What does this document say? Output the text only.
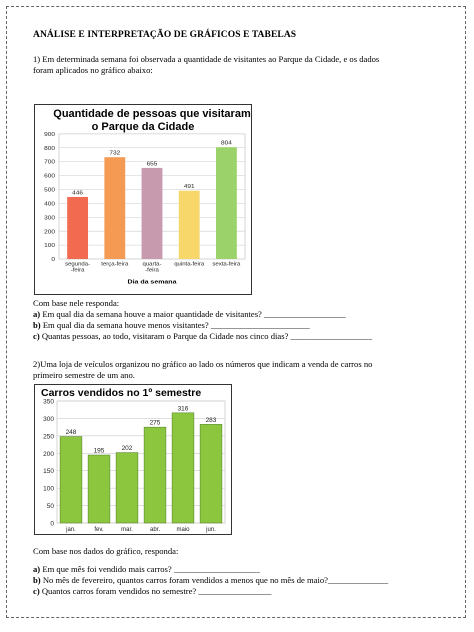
ANÁLISE E INTERPRETAÇÃO DE GRÁFICOS E TABELAS
1) Em determinada semana foi observada a quantidade de visitantes ao Parque da Cidade, e os dados
foram aplicados no gráfico abaixo:
0
100
200
300
400
500
600
700
800
900
446
segunda-
-feira
732
terça-feira
655
quarta-
-feira
491
quinta-feira
804
sexta-feira
Dia da semana
Quantidade de pessoas que visitaram
o Parque da Cidade
Com base nele responda:
a) Em qual dia da semana houve a maior quantidade de visitantes? ___________________
b) Em qual dia da semana houve menos visitantes? _______________________
c) Quantas pessoas, ao todo, visitaram o Parque da Cidade nos cinco dias? ___________________
2)Uma loja de veículos organizou no gráfico ao lado os números que indicam a venda de carros no
primeiro semestre de um ano.
Carros vendidos no 1º semestre
0
50
100
150
200
250
300
350
248
jan.
195
fev.
202
mar.
275
abr.
316
maio
283
jun.
Com base nos dados do gráfico, responda:
a) Em que mês foi vendido mais carros? ____________________
b) No mês de fevereiro, quantos carros foram vendidos a menos que no mês de maio?______________
c) Quantos carros foram vendidos no semestre? _________________
